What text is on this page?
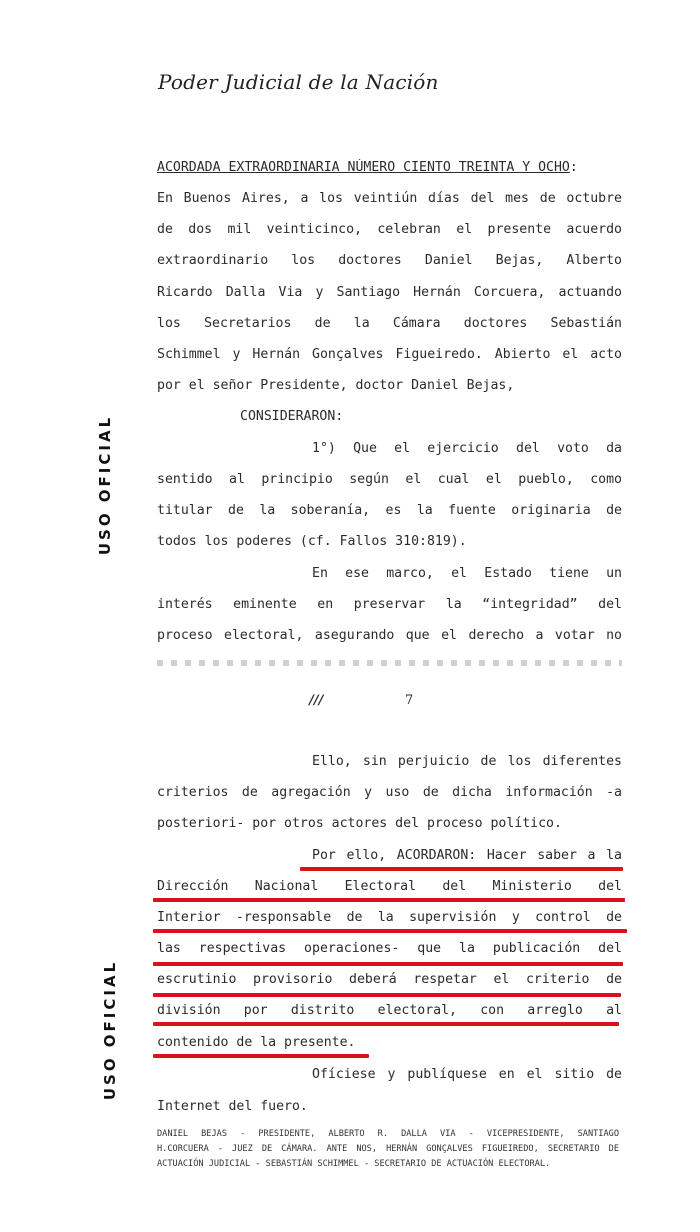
Poder Judicial de la Nación
USO OFICIAL
USO OFICIAL
ACORDADA EXTRAORDINARIA NÚMERO CIENTO TREINTA Y OCHO:
En Buenos Aires, a los veintiún días del mes de octubre
de dos mil veinticinco, celebran el presente acuerdo
extraordinario los doctores Daniel Bejas, Alberto
Ricardo Dalla Via y Santiago Hernán Corcuera, actuando
los Secretarios de la Cámara doctores Sebastián
Schimmel y Hernán Gonçalves Figueiredo. Abierto el acto
por el señor Presidente, doctor Daniel Bejas,
CONSIDERARON:
1°) Que el ejercicio del voto da
sentido al principio según el cual el pueblo, como
titular de la soberanía, es la fuente originaria de
todos los poderes (cf. Fallos 310:819).
En ese marco, el Estado tiene un
interés eminente en preservar la “integridad” del
proceso electoral, asegurando que el derecho a votar no
///	7
Ello, sin perjuicio de los diferentes
criterios de agregación y uso de dicha información -a
posteriori- por otros actores del proceso político.
Por ello, ACORDARON: Hacer saber a la
Dirección Nacional Electoral del Ministerio del
Interior -responsable de la supervisión y control de
las respectivas operaciones- que la publicación del
escrutinio provisorio deberá respetar el criterio de
división por distrito electoral, con arreglo al
contenido de la presente.
Ofíciese y publíquese en el sitio de
Internet del fuero.
DANIEL BEJAS - PRESIDENTE, ALBERTO R. DALLA VIA - VICEPRESIDENTE, SANTIAGO
H.CORCUERA - JUEZ DE CÁMARA. ANTE NOS, HERNÁN GONÇALVES FIGUEIREDO, SECRETARIO DE
ACTUACIÓN JUDICIAL - SEBASTIÁN SCHIMMEL - SECRETARIO DE ACTUACIÓN ELECTORAL.
